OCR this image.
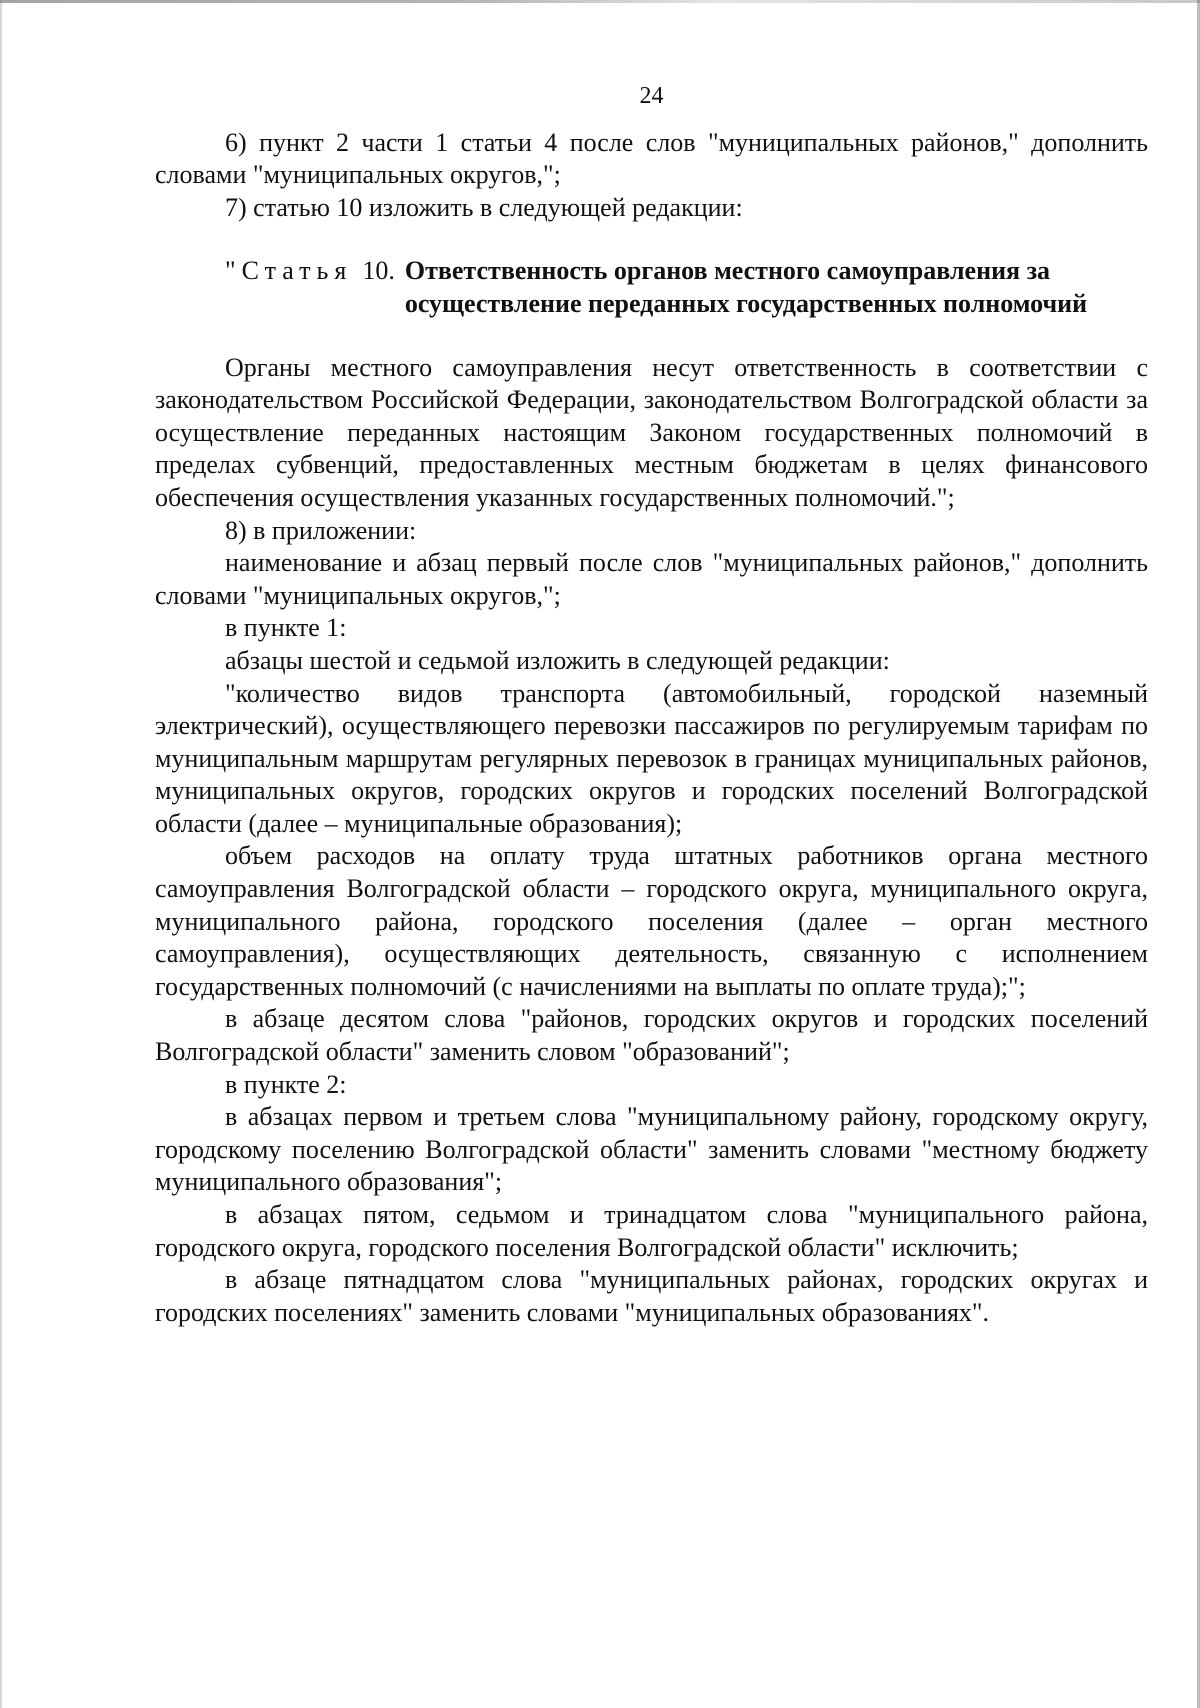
24

6) пункт 2 части 1 статьи 4 после слов "муниципальных районов," дополнить словами "муниципальных округов,";

7) статью 10 изложить в следующей редакции:

"Статья 10. Ответственность органов местного самоуправления за осуществление переданных государственных полномочий

Органы местного самоуправления несут ответственность в соответствии с законодательством Российской Федерации, законодательством Волгоградской области за осуществление переданных настоящим Законом государственных полномочий в пределах субвенций, предоставленных местным бюджетам в целях финансового обеспечения осуществления указанных государственных полномочий.";

8) в приложении:

наименование и абзац первый после слов "муниципальных районов," дополнить словами "муниципальных округов,";

в пункте 1:

абзацы шестой и седьмой изложить в следующей редакции:

"количество видов транспорта (автомобильный, городской наземный электрический), осуществляющего перевозки пассажиров по регулируемым тарифам по муниципальным маршрутам регулярных перевозок в границах муниципальных районов, муниципальных округов, городских округов и городских поселений Волгоградской области (далее – муниципальные образования);

объем расходов на оплату труда штатных работников органа местного самоуправления Волгоградской области – городского округа, муниципального округа, муниципального района, городского поселения (далее – орган местного самоуправления), осуществляющих деятельность, связанную с исполнением государственных полномочий (с начислениями на выплаты по оплате труда);";

в абзаце десятом слова "районов, городских округов и городских поселений Волгоградской области" заменить словом "образований";

в пункте 2:

в абзацах первом и третьем слова "муниципальному району, городскому округу, городскому поселению Волгоградской области" заменить словами "местному бюджету муниципального образования";

в абзацах пятом, седьмом и тринадцатом слова "муниципального района, городского округа, городского поселения Волгоградской области" исключить;

в абзаце пятнадцатом слова "муниципальных районах, городских округах и городских поселениях" заменить словами "муниципальных образованиях".
